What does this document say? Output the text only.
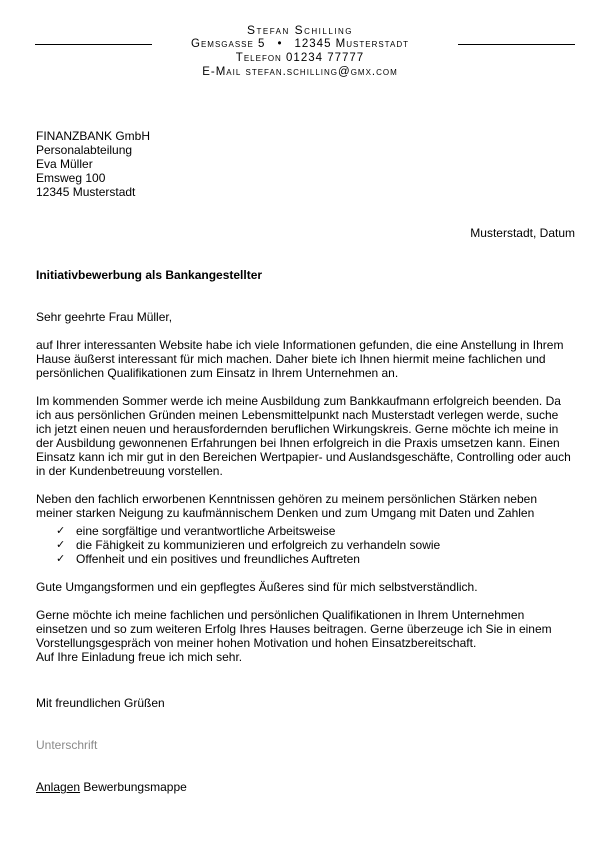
Stefan Schilling
Gemsgasse 5 • 12345 Musterstadt
Telefon 01234 77777
E-Mail stefan.schilling@gmx.com
FINANZBANK GmbH
Personalabteilung
Eva Müller
Emsweg 100
12345 Musterstadt
Musterstadt, Datum
Initiativbewerbung als Bankangestellter

Sehr geehrte Frau Müller,

auf Ihrer interessanten Website habe ich viele Informationen gefunden, die eine Anstellung in Ihrem Hause äußerst interessant für mich machen. Daher biete ich Ihnen hiermit meine fachlichen und persönlichen Qualifikationen zum Einsatz in Ihrem Unternehmen an.

Im kommenden Sommer werde ich meine Ausbildung zum Bankkaufmann erfolgreich beenden. Da ich aus persönlichen Gründen meinen Lebensmittelpunkt nach Musterstadt verlegen werde, suche ich jetzt einen neuen und herausfordernden beruflichen Wirkungskreis. Gerne möchte ich meine in der Ausbildung gewonnenen Erfahrungen bei Ihnen erfolgreich in die Praxis umsetzen kann. Einen Einsatz kann ich mir gut in den Bereichen Wertpapier- und Auslandsgeschäfte, Controlling oder auch in der Kundenbetreuung vorstellen.

Neben den fachlich erworbenen Kenntnissen gehören zu meinem persönlichen Stärken neben meiner starken Neigung zu kaufmännischem Denken und zum Umgang mit Daten und Zahlen

✓ eine sorgfältige und verantwortliche Arbeitsweise
✓ die Fähigkeit zu kommunizieren und erfolgreich zu verhandeln sowie
✓ Offenheit und ein positives und freundliches Auftreten

Gute Umgangsformen und ein gepflegtes Äußeres sind für mich selbstverständlich.

Gerne möchte ich meine fachlichen und persönlichen Qualifikationen in Ihrem Unternehmen einsetzen und so zum weiteren Erfolg Ihres Hauses beitragen. Gerne überzeuge ich Sie in einem Vorstellungsgespräch von meiner hohen Motivation und hohen Einsatzbereitschaft.

Auf Ihre Einladung freue ich mich sehr.

Mit freundlichen Grüßen
Unterschrift
Anlagen Bewerbungsmappe
